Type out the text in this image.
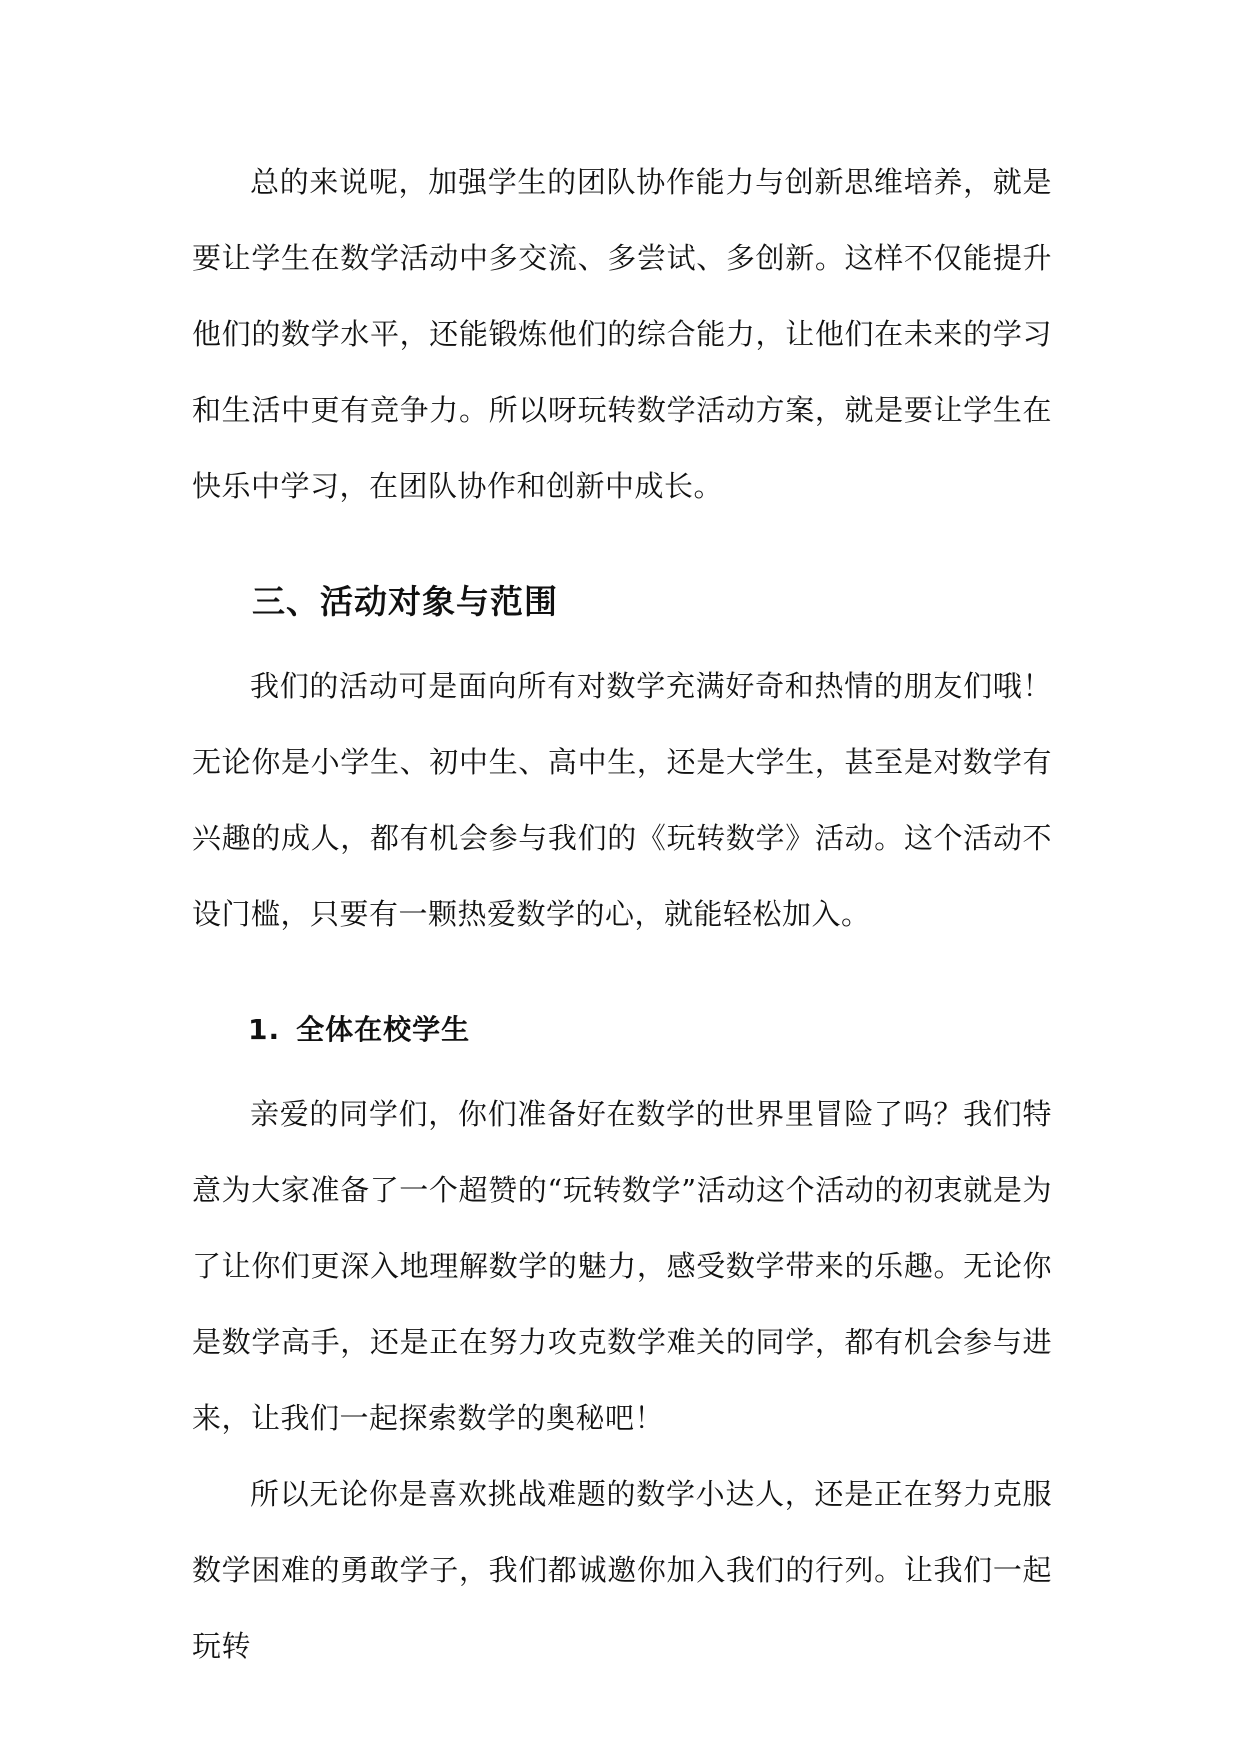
总的来说呢，加强学生的团队协作能力与创新思维培养，就是要让学生在数学活动中多交流、多尝试、多创新。这样不仅能提升他们的数学水平，还能锻炼他们的综合能力，让他们在未来的学习和生活中更有竞争力。所以呀玩转数学活动方案，就是要让学生在快乐中学习，在团队协作和创新中成长。

三、活动对象与范围

我们的活动可是面向所有对数学充满好奇和热情的朋友们哦！无论你是小学生、初中生、高中生，还是大学生，甚至是对数学有兴趣的成人，都有机会参与我们的《玩转数学》活动。这个活动不设门槛，只要有一颗热爱数学的心，就能轻松加入。

1. 全体在校学生

亲爱的同学们，你们准备好在数学的世界里冒险了吗？我们特意为大家准备了一个超赞的“玩转数学”活动这个活动的初衷就是为了让你们更深入地理解数学的魅力，感受数学带来的乐趣。无论你是数学高手，还是正在努力攻克数学难关的同学，都有机会参与进来，让我们一起探索数学的奥秘吧！

所以无论你是喜欢挑战难题的数学小达人，还是正在努力克服数学困难的勇敢学子，我们都诚邀你加入我们的行列。让我们一起玩转
